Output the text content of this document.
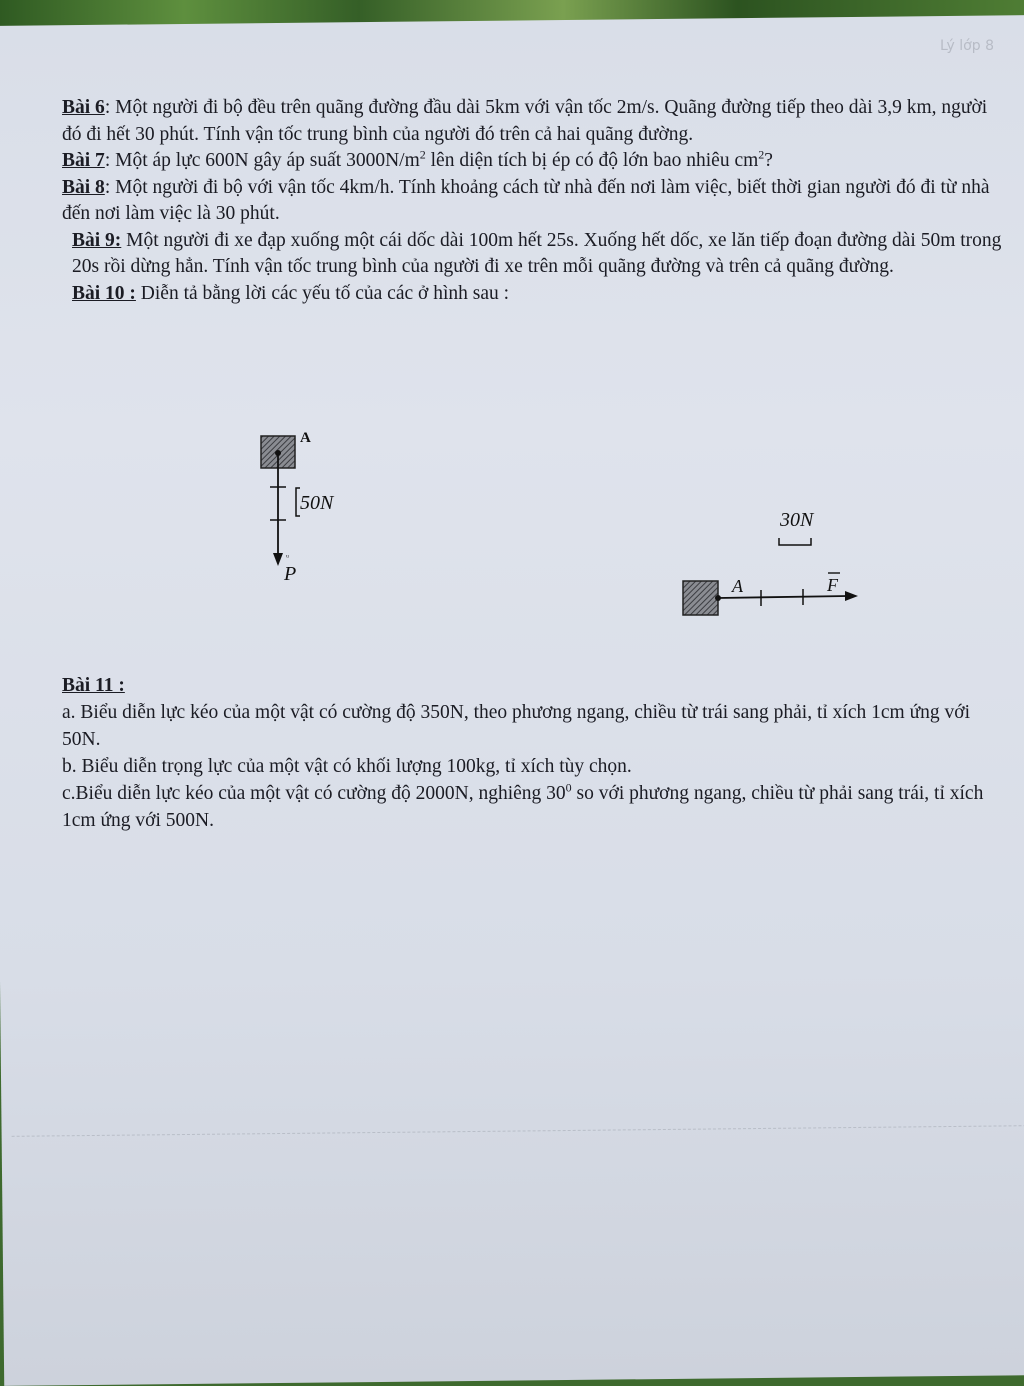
Lý lớp 8

Bài 6: Một người đi bộ đều trên quãng đường đầu dài 5km với vận tốc 2m/s. Quãng đường tiếp theo dài 3,9 km, người đó đi hết 30 phút. Tính vận tốc trung bình của người đó trên cả hai quãng đường.

Bài 7: Một áp lực 600N gây áp suất $3000N/m^2$ lên diện tích bị ép có độ lớn bao nhiêu $cm^2$?

Bài 8: Một người đi bộ với vận tốc 4km/h. Tính khoảng cách từ nhà đến nơi làm việc, biết thời gian người đó đi từ nhà đến nơi làm việc là 30 phút.

Bài 9: Một người đi xe đạp xuống một cái dốc dài 100m hết 25s. Xuống hết dốc, xe lăn tiếp đoạn đường dài 50m trong 20s rồi dừng hẳn. Tính vận tốc trung bình của người đi xe trên mỗi quãng đường và trên cả quãng đường.

Bài 10 : Diễn tả bằng lời các yếu tố của các ở hình sau :

A
50N
ᵘ
P
30N
A	F

Bài 11 :

a. Biểu diễn lực kéo của một vật có cường độ 350N, theo phương ngang, chiều từ trái sang phải, tỉ xích 1cm ứng với 50N.

b. Biểu diễn trọng lực của một vật có khối lượng 100kg, tỉ xích tùy chọn.

c.Biểu diễn lực kéo của một vật có cường độ 2000N, nghiêng $30^0$ so với phương ngang, chiều từ phải sang trái, tỉ xích 1cm ứng với 500N.
